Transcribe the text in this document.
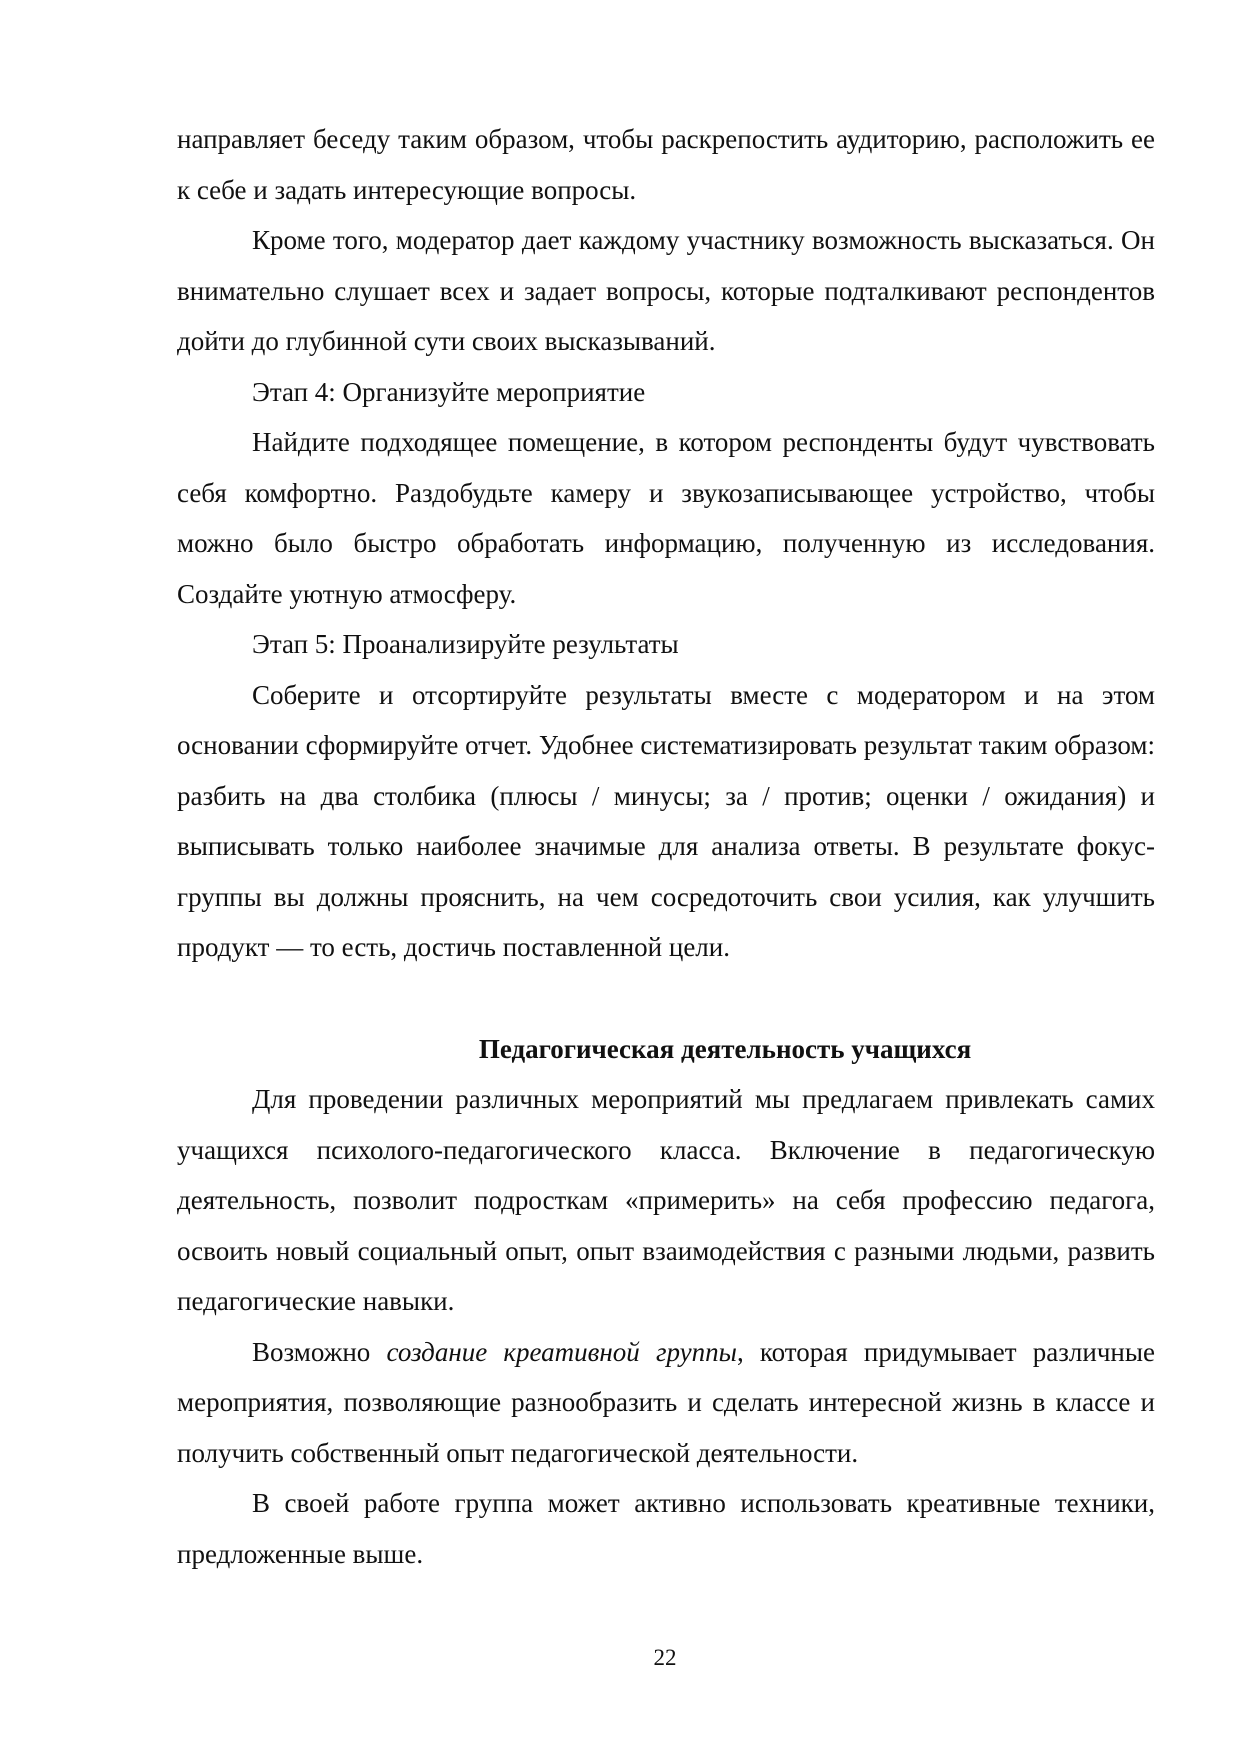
направляет беседу таким образом, чтобы раскрепостить аудиторию, расположить ее к себе и задать интересующие вопросы.

Кроме того, модератор дает каждому участнику возможность высказаться. Он внимательно слушает всех и задает вопросы, которые подталкивают респондентов дойти до глубинной сути своих высказываний.

Этап 4: Организуйте мероприятие

Найдите подходящее помещение, в котором респонденты будут чувствовать себя комфортно. Раздобудьте камеру и звукозаписывающее устройство, чтобы можно было быстро обработать информацию, полученную из исследования. Создайте уютную атмосферу.

Этап 5: Проанализируйте результаты

Соберите и отсортируйте результаты вместе с модератором и на этом основании сформируйте отчет. Удобнее систематизировать результат таким образом: разбить на два столбика (плюсы / минусы; за / против; оценки / ожидания) и выписывать только наиболее значимые для анализа ответы. В результате фокус-группы вы должны прояснить, на чем сосредоточить свои усилия, как улучшить продукт — то есть, достичь поставленной цели.

Педагогическая деятельность учащихся

Для проведении различных мероприятий мы предлагаем привлекать самих учащихся психолого-педагогического класса. Включение в педагогическую деятельность, позволит подросткам «примерить» на себя профессию педагога, освоить новый социальный опыт, опыт взаимодействия с разными людьми, развить педагогические навыки.

Возможно создание креативной группы, которая придумывает различные мероприятия, позволяющие разнообразить и сделать интересной жизнь в классе и получить собственный опыт педагогической деятельности.

В своей работе группа может активно использовать креативные техники, предложенные выше.

22
